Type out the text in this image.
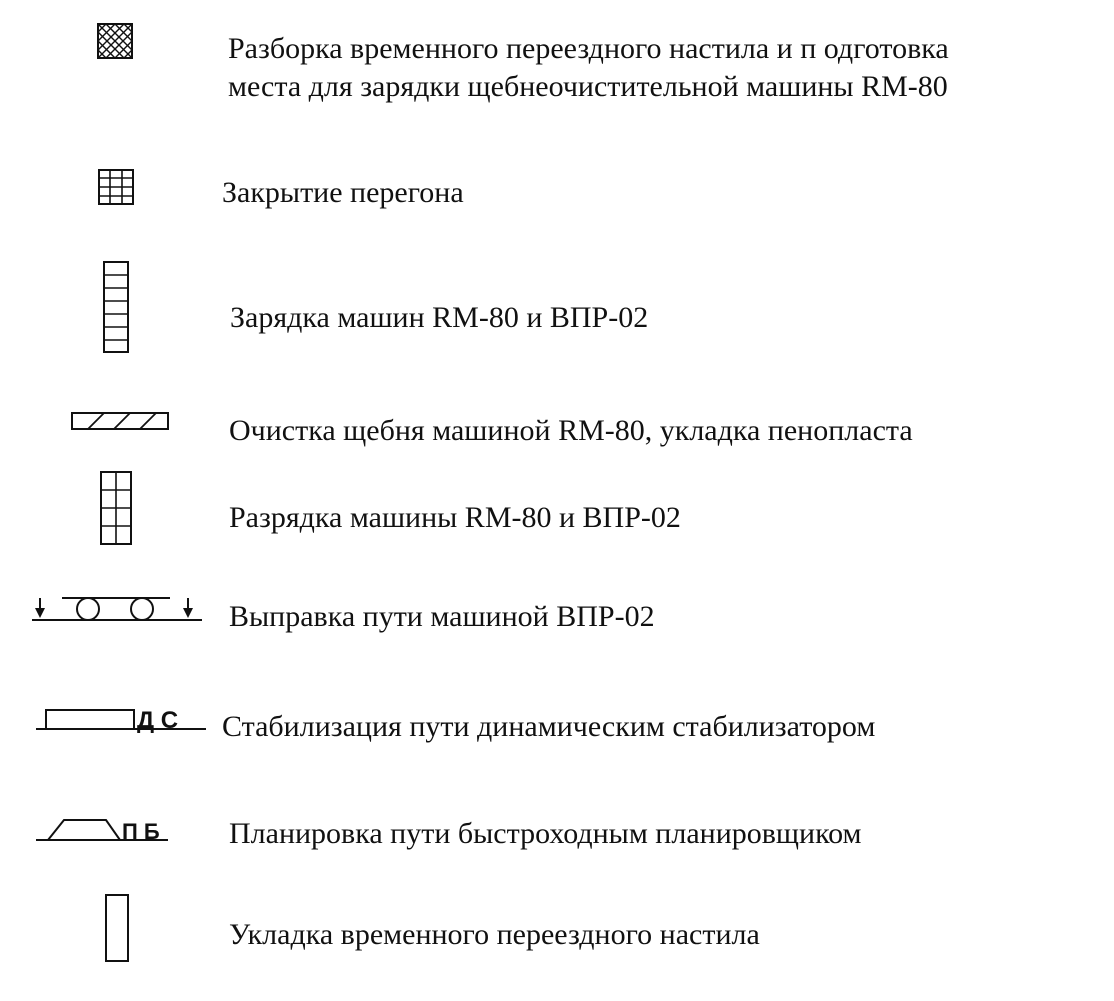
Разборка временного переездного настила и п одготовка
места для зарядки щебнеочистительной машины RM-80
Закрытие перегона
Зарядка машин RM-80 и ВПР-02
Очистка щебня машиной RM-80, укладка пенопласта
Разрядка машины RM-80 и ВПР-02
Выправка пути машиной ВПР-02
Д С Стабилизация пути динамическим стабилизатором
П Б Планировка пути быстроходным планировщиком
Укладка временного переездного настила
